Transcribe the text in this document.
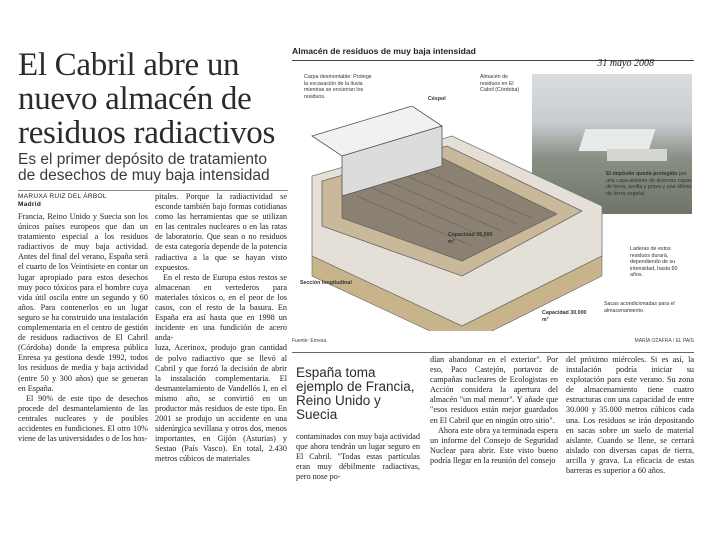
El Cabril abre un nuevo almacén de residuos radiactivos
Es el primer depósito de tratamiento de desechos de muy baja intensidad
MARUXA RUIZ DEL ÁRBOL
Madrid

Francia, Reino Unido y Suecia son los únicos países europeos que dan un tratamiento especial a los residuos radiactivos de muy baja actividad. Antes del final del verano, España será el cuarto de los Veintisiete en contar un lugar apropiado para estos desechos muy poco tóxicos para el hombre cuya vida útil oscila entre un segundo y 60 años. Para contenerlos en un lugar seguro se ha construido una instalación complementaria en el centro de gestión de residuos radiactivos de El Cabril (Córdoba) donde la empresa pública Enresa ya gestiona desde 1992, todos los residuos de media y baja actividad (entre 50 y 300 años) que se generan en España.

El 90% de este tipo de desechos procede del desmantelamiento de las centrales nucleares y de posibles accidentes en fundiciones. El otro 10% viene de las universidades o de los hos-

pitales. Porque la radiactividad se esconde también bajo formas cotidianas como las herramientas que se utilizan en las centrales nucleares o en las ratas de laboratorio. Que sean o no residuos de esta categoría depende de la potencia radiactiva a la que se hayan visto expuestos.

En el resto de Europa estos restos se almacenan en vertederos para materiales tóxicos o, en el peor de los casos, con el resto de la basura. En España era así hasta que en 1998 un incidente en una fundición de acero anda-

luza, Acerinox, produjo gran cantidad de polvo radiactivo que se llevó al Cabril y que forzó la decisión de abrir la instalación complementaria. El desmantelamiento de Vandellós I, en el mismo año, se convirtió en un productor más residuos de este tipo. En 2001 se produjo un accidente en una siderúrgica sevillana y otros dos, menos importantes, en Gijón (Asturias) y Sestao (País Vasco). En total, 2.430 metros cúbicos de materiales

Almacén de residuos de muy baja intensidad
31 mayo 2008
Carpa desmontable: Protege la excavación de la lluvia mientras se encierran los residuos.	Céspol
Almacén de residuos en El Cabril (Córdoba)
El depósito queda protegido por una capa aislante de diversas capas de tierra, arcilla y grava y una última de tierra vegetal.
Capacidad 35.000 m³
Laderas de estos residuos durará, dependiendo de su intensidad, hasta 60 años.
Sección longitudinal
Sacas acondicionadas para el almacenamiento.
Capacidad 30.000 m³
Fuente: Enresa.	MARÍA OZAFRA / EL PAÍS
España toma ejemplo de Francia, Reino Unido y Suecia

contaminados con muy baja actividad que ahora tendrán un lugar seguro en El Cabril. "Todas estas partículas eran muy débilmente radiactivas, pero nose po-

dían abandonar en el exterior". Por eso, Paco Castejón, portavoz de campañas nucleares de Ecologistas en Acción considera la apertura del almacén "un mal menor". Y añade que "esos residuos están mejor guardados en El Cabril que en ningún otro sitio".

Ahora este obra ya terminada espera un informe del Consejo de Seguridad Nuclear para abrir. Este visto bueno podría llegar en la reunión del consejo

del próximo miércoles. Si es así, la instalación podría iniciar su explotación para este verano. Su zona de almacenamiento tiene cuatro estructuras con una capacidad de entre 30.000 y 35.000 metros cúbicos cada una. Los residuos se irán depositando en sacas sobre un suelo de material aislante. Cuando se llene, se cerrará aislado con diversas capas de tierra, arcilla y grava. La eficacia de estas barreras es superior a 60 años.
